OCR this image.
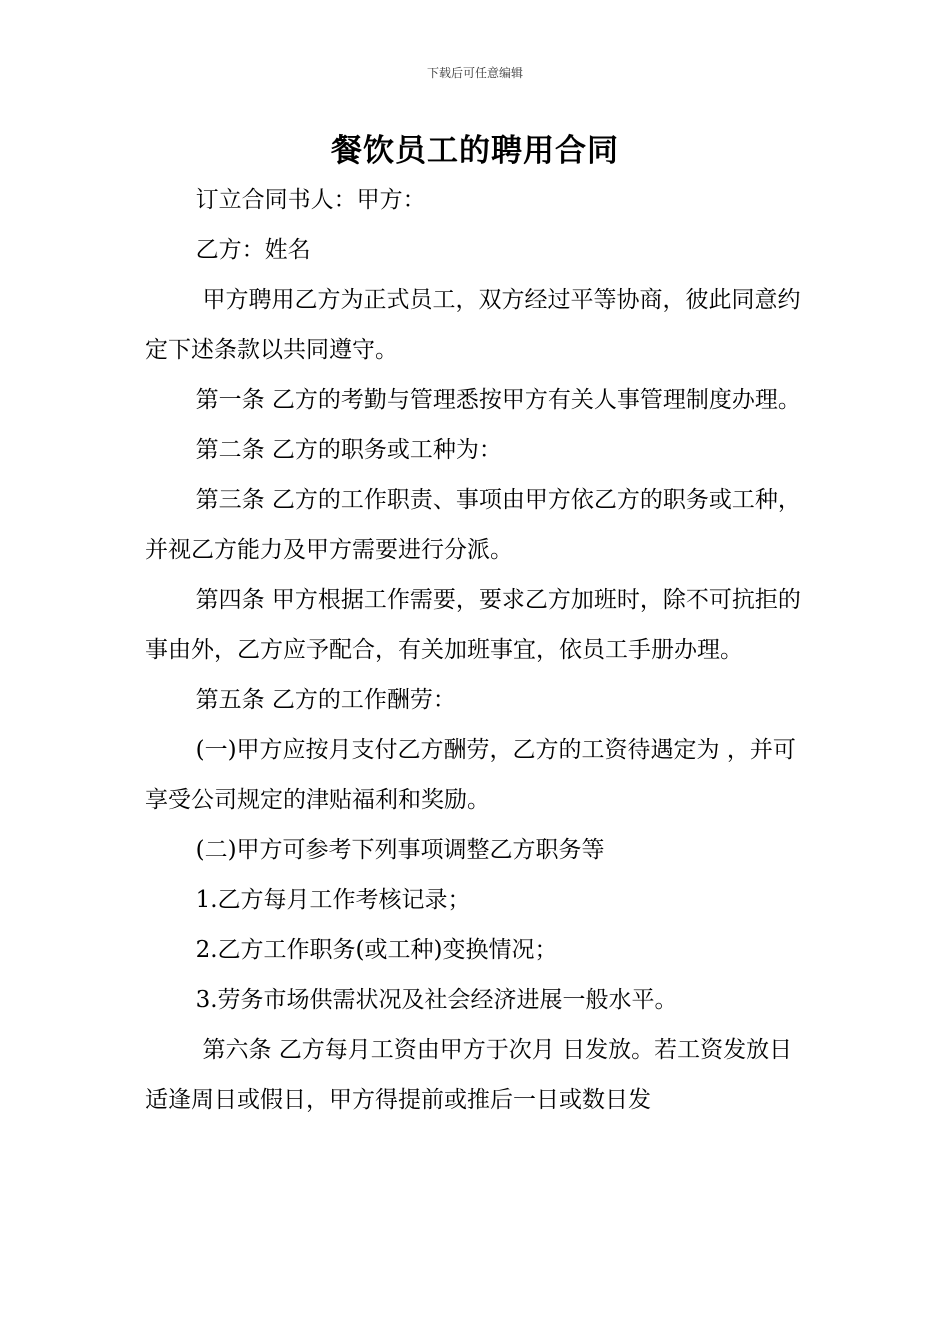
下载后可任意编辑
餐饮员工的聘用合同

订立合同书人：甲方：

乙方：姓名

甲方聘用乙方为正式员工，双方经过平等协商，彼此同意约定下述条款以共同遵守。

第一条 乙方的考勤与管理悉按甲方有关人事管理制度办理。

第二条 乙方的职务或工种为：

第三条 乙方的工作职责、事项由甲方依乙方的职务或工种，并视乙方能力及甲方需要进行分派。

第四条 甲方根据工作需要，要求乙方加班时，除不可抗拒的事由外，乙方应予配合，有关加班事宜，依员工手册办理。

第五条 乙方的工作酬劳：

(一)甲方应按月支付乙方酬劳，乙方的工资待遇定为 ，并可享受公司规定的津贴福利和奖励。

(二)甲方可参考下列事项调整乙方职务等

1.乙方每月工作考核记录；

2.乙方工作职务(或工种)变换情况；

3.劳务市场供需状况及社会经济进展一般水平。

第六条 乙方每月工资由甲方于次月 日发放。若工资发放日适逢周日或假日，甲方得提前或推后一日或数日发
